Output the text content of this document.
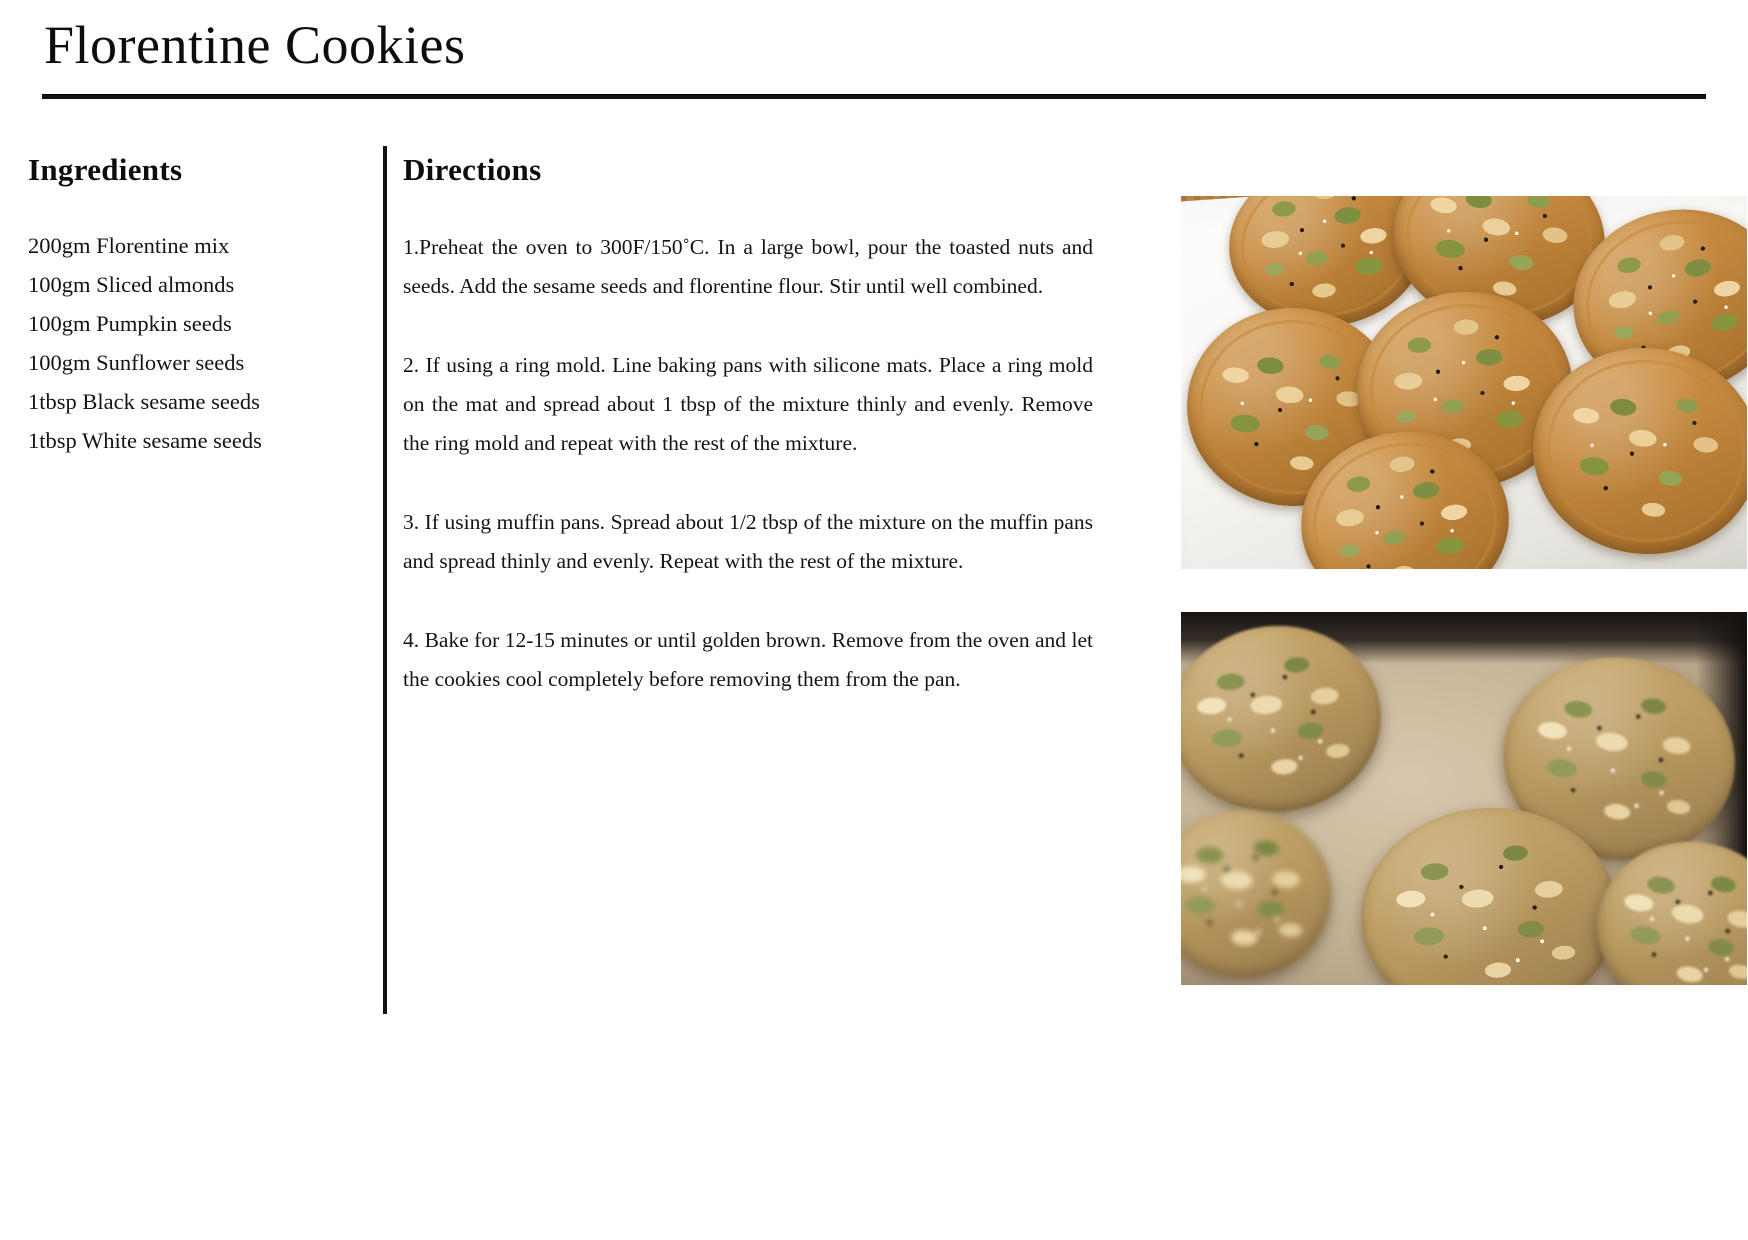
Florentine Cookies
Ingredients
200gm Florentine mix
100gm Sliced almonds
100gm Pumpkin seeds
100gm Sunflower seeds
1tbsp Black sesame seeds
1tbsp White sesame seeds
Directions

1.Preheat the oven to 300F/150˚C. In a large bowl, pour the toasted nuts and seeds. Add the sesame seeds and florentine flour. Stir until well combined.

2. If using a ring mold. Line baking pans with silicone mats. Place a ring mold on the mat and spread about 1 tbsp of the mixture thinly and evenly. Remove the ring mold and repeat with the rest of the mixture.

3. If using muffin pans. Spread about 1/2 tbsp of the mixture on the muffin pans and spread thinly and evenly. Repeat with the rest of the mixture.

4. Bake for 12-15 minutes or until golden brown. Remove from the oven and let the cookies cool completely before removing them from the pan.
